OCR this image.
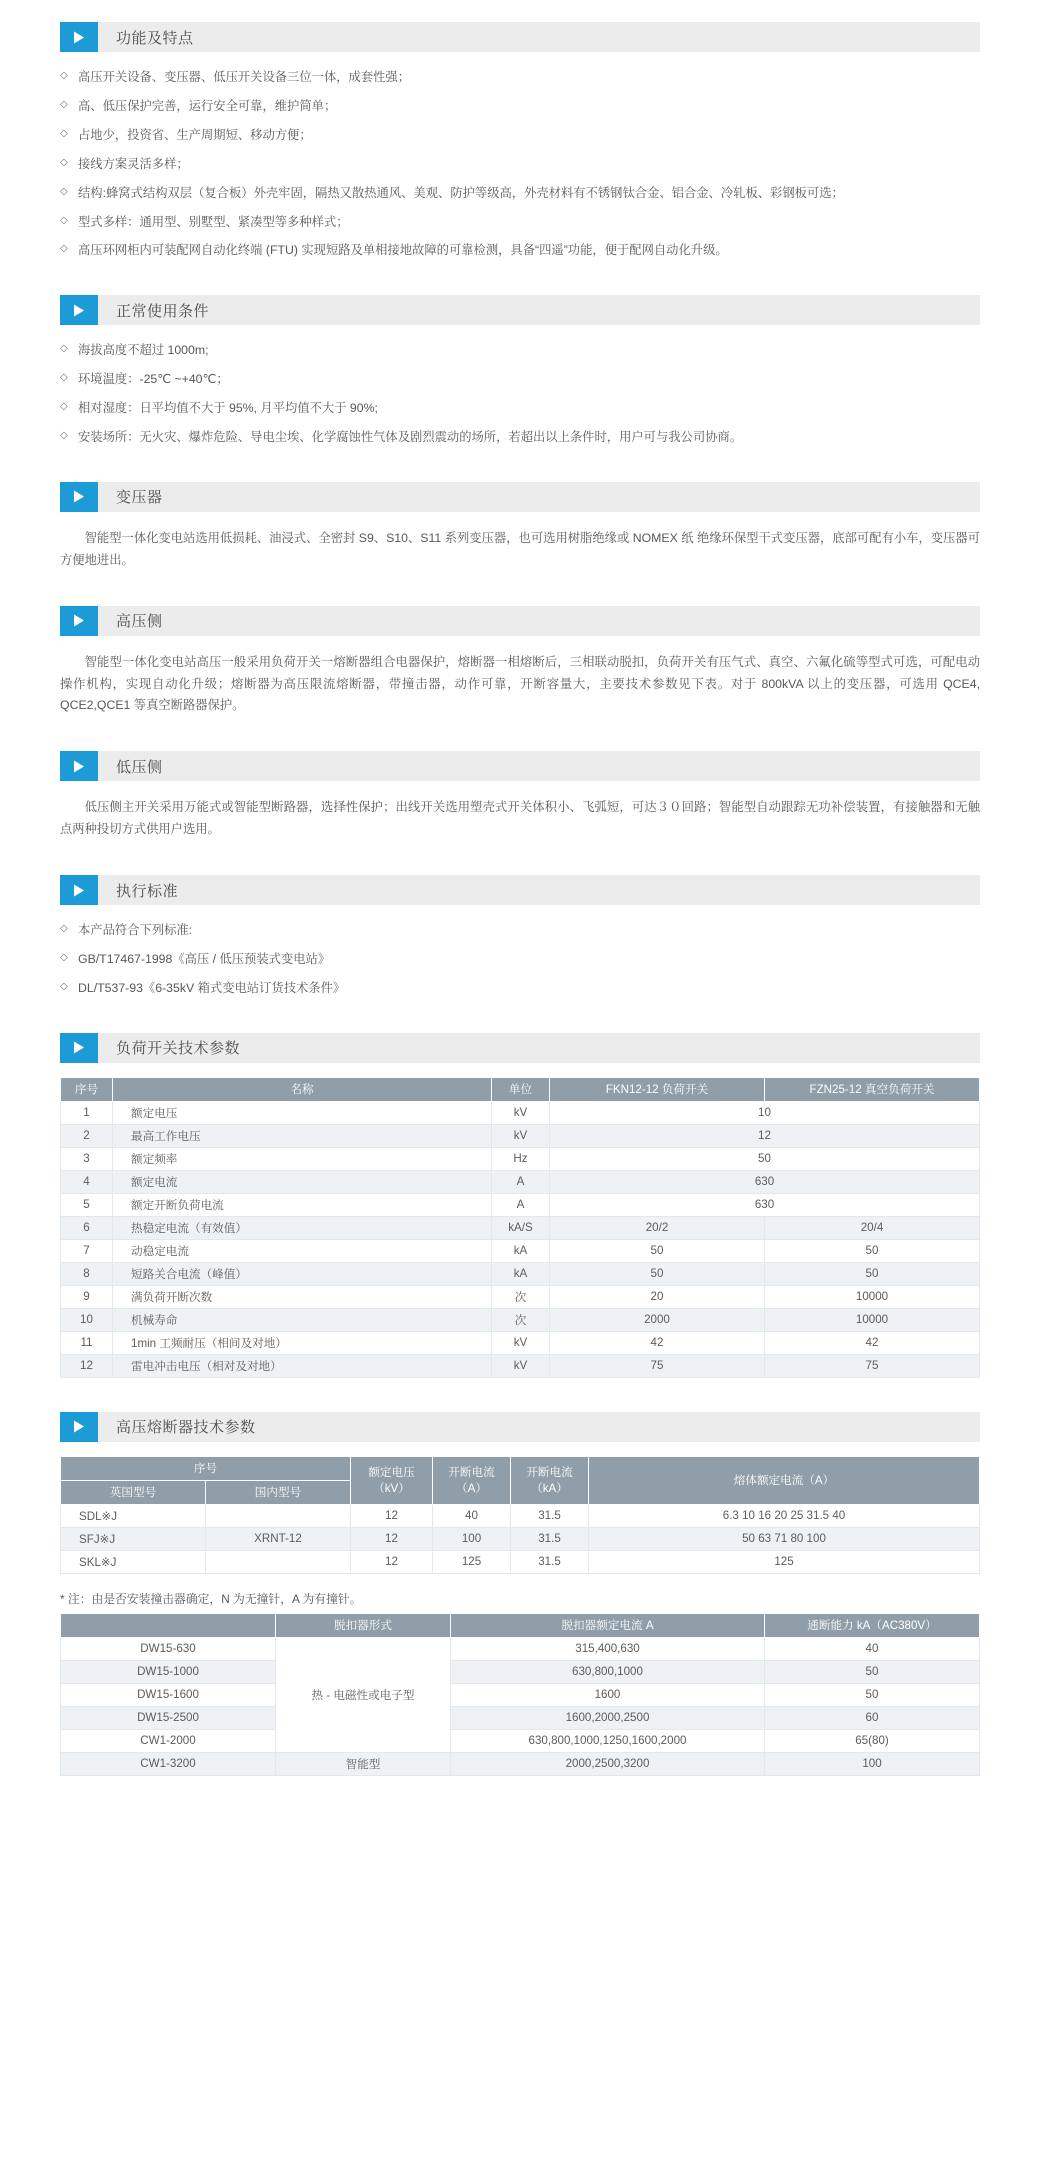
功能及特点
◇ 高压开关设备、变压器、低压开关设备三位一体，成套性强；
◇ 高、低压保护完善，运行安全可靠，维护简单；
◇ 占地少，投资省、生产周期短、移动方便；
◇ 接线方案灵活多样；
◇ 结构:蜂窝式结构双层（复合板）外壳牢固，隔热又散热通风、美观、防护等级高，外壳材料有不锈钢钛合金、铝合金、冷轧板、彩钢板可选；
◇ 型式多样：通用型、别墅型、紧凑型等多种样式；
◇ 高压环网柜内可装配网自动化终端 (FTU) 实现短路及单相接地故障的可靠检测，具备“四遥”功能，便于配网自动化升级。
正常使用条件
◇ 海拔高度不超过 1000m;
◇ 环境温度：-25℃ ~+40℃；
◇ 相对湿度：日平均值不大于 95%, 月平均值不大于 90%;
◇ 安装场所：无火灾、爆炸危险、导电尘埃、化学腐蚀性气体及剧烈震动的场所，若超出以上条件时，用户可与我公司协商。
变压器

智能型一体化变电站选用低损耗、油浸式、全密封 S9、S10、S11 系列变压器，也可选用树脂绝缘或 NOMEX 纸 绝缘环保型干式变压器，底部可配有小车，变压器可方便地进出。

高压侧

智能型一体化变电站高压一般采用负荷开关一熔断器组合电器保护，熔断器一相熔断后，三相联动脱扣，负荷开关有压气式、真空、六氟化硫等型式可选，可配电动操作机构，实现自动化升级；熔断器为高压限流熔断器，带撞击器，动作可靠，开断容量大，主要技术参数见下表。对于 800kVA 以上的变压器，可选用 QCE4, QCE2,QCE1 等真空断路器保护。

低压侧

低压侧主开关采用万能式或智能型断路器，选择性保护；出线开关选用塑壳式开关体积小、飞弧短，可达３０回路；智能型自动跟踪无功补偿装置，有接触器和无触点两种投切方式供用户选用。

执行标准
◇ 本产品符合下列标准:
◇ GB/T17467-1998《高压 / 低压预装式变电站》
◇ DL/T537-93《6-35kV 箱式变电站订货技术条件》
负荷开关技术参数
序号	名称	单位	FKN12-12 负荷开关	FZN25-12 真空负荷开关
1	额定电压	kV	10	
2	最高工作电压	kV	12	
3	额定频率	Hz	50	
4	额定电流	A	630	
5	额定开断负荷电流	A	630	
6	热稳定电流（有效值）	kA/S	20/2	20/4
7	动稳定电流	kA	50	50
8	短路关合电流（峰值）	kA	50	50
9	满负荷开断次数	次	20	10000
10	机械寿命	次	2000	10000
11	1min 工频耐压（相间及对地）	kV	42	42
12	雷电冲击电压（相对及对地）	kV	75	75
高压熔断器技术参数
序号		额定电压（kV）	开断电流（A）	开断电流（kA）	熔体额定电流（A）
英国型号	国内型号				
SDL※J		12	40	31.5	6.3 10 16 20 25 31.5 40
SFJ※J	XRNT-12	12	100	31.5	50 63 71 80 100
SKL※J		12	125	31.5	125
* 注：由是否安装撞击器确定，N 为无撞针，A 为有撞针。
	脱扣器形式	脱扣器额定电流 A	通断能力 kA（AC380V）
DW15-630	热 - 电磁性或电子型	315,400,630	40
DW15-1000		630,800,1000	50
DW15-1600		1600	50
DW15-2500		1600,2000,2500	60
CW1-2000		630,800,1000,1250,1600,2000	65(80)
CW1-3200	智能型	2000,2500,3200	100
